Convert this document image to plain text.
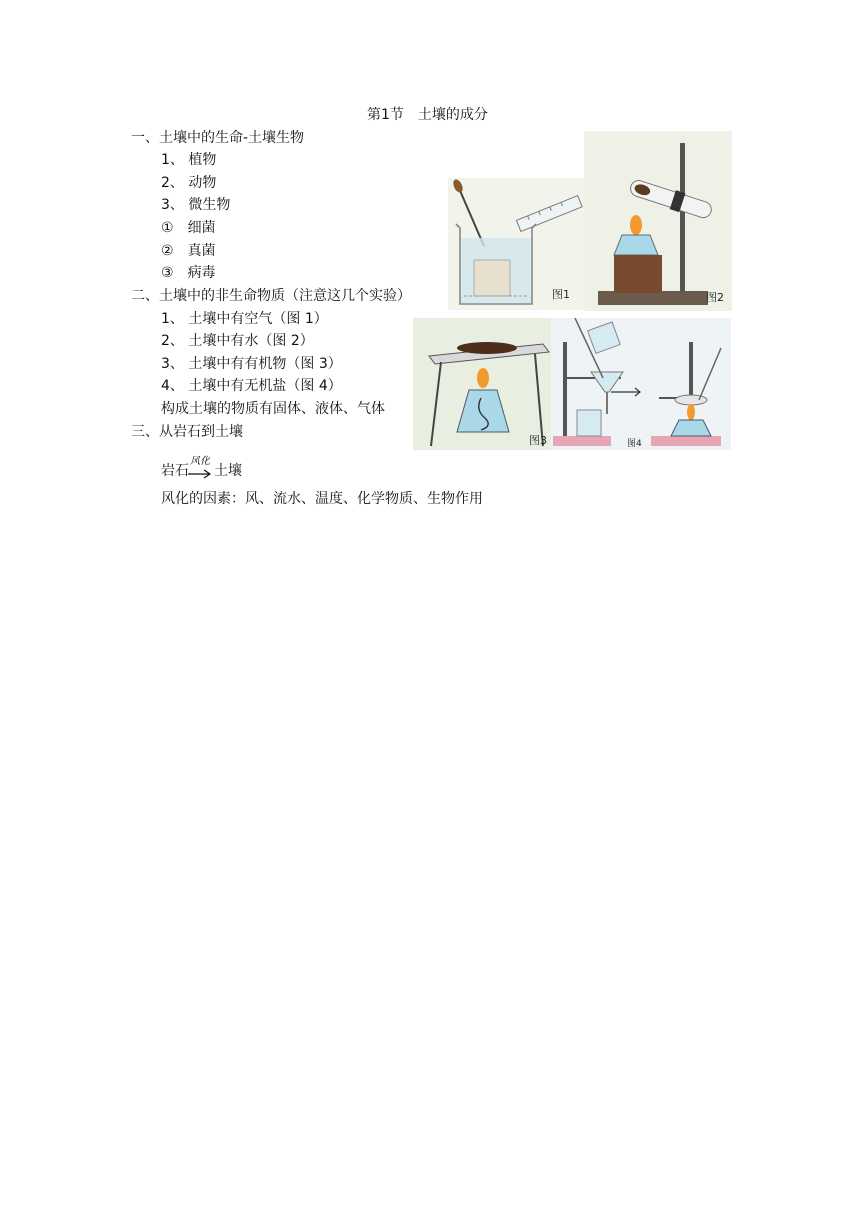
第1节　土壤的成分
一、土壤中的生命-土壤生物
1、 植物
2、 动物
3、 微生物
①　 细菌
②　 真菌
③　 病毒
二、土壤中的非生命物质（注意这几个实验）
1、 土壤中有空气（图 1）
2、 土壤中有水（图 2）
3、 土壤中有有机物（图 3）
4、 土壤中有无机盐（图 4）
构成土壤的物质有固体、液体、气体
三、从岩石到土壤
岩石
风化
土壤
风化的因素：风、流水、温度、化学物质、生物作用
图1	图2
图3	图4
